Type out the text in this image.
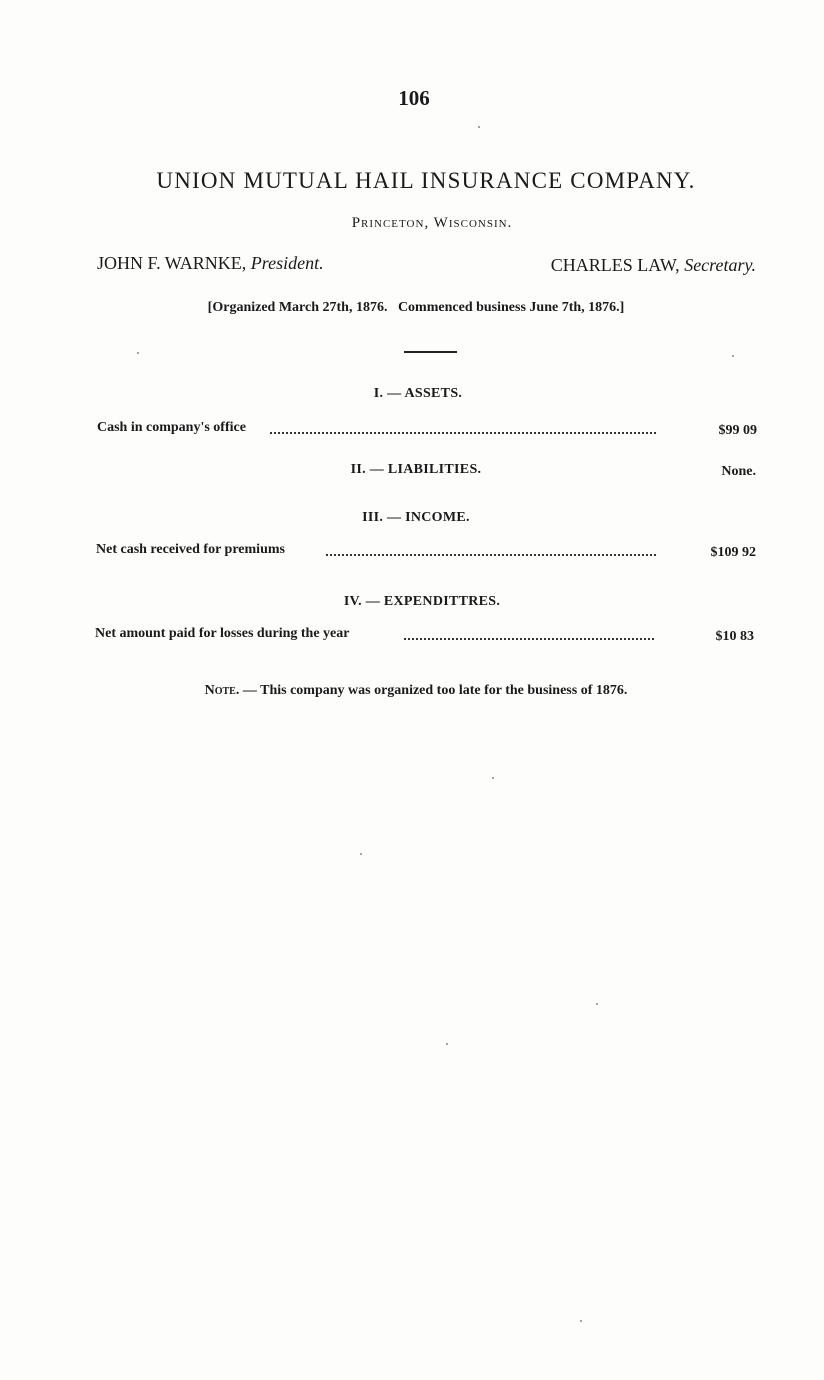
106
UNION MUTUAL HAIL INSURANCE COMPANY.
Princeton, Wisconsin.
JOHN F. WARNKE, President.	CHARLES LAW, Secretary.
[Organized March 27th, 1876.   Commenced business June 7th, 1876.]
I. — ASSETS.
Cash in company's office	$99 09
II. — LIABILITIES.	None.
III. — INCOME.
Net cash received for premiums	$109 92
IV. — EXPENDITTRES.
Net amount paid for losses during the year	$10 83
Note. — This company was organized too late for the business of 1876.
